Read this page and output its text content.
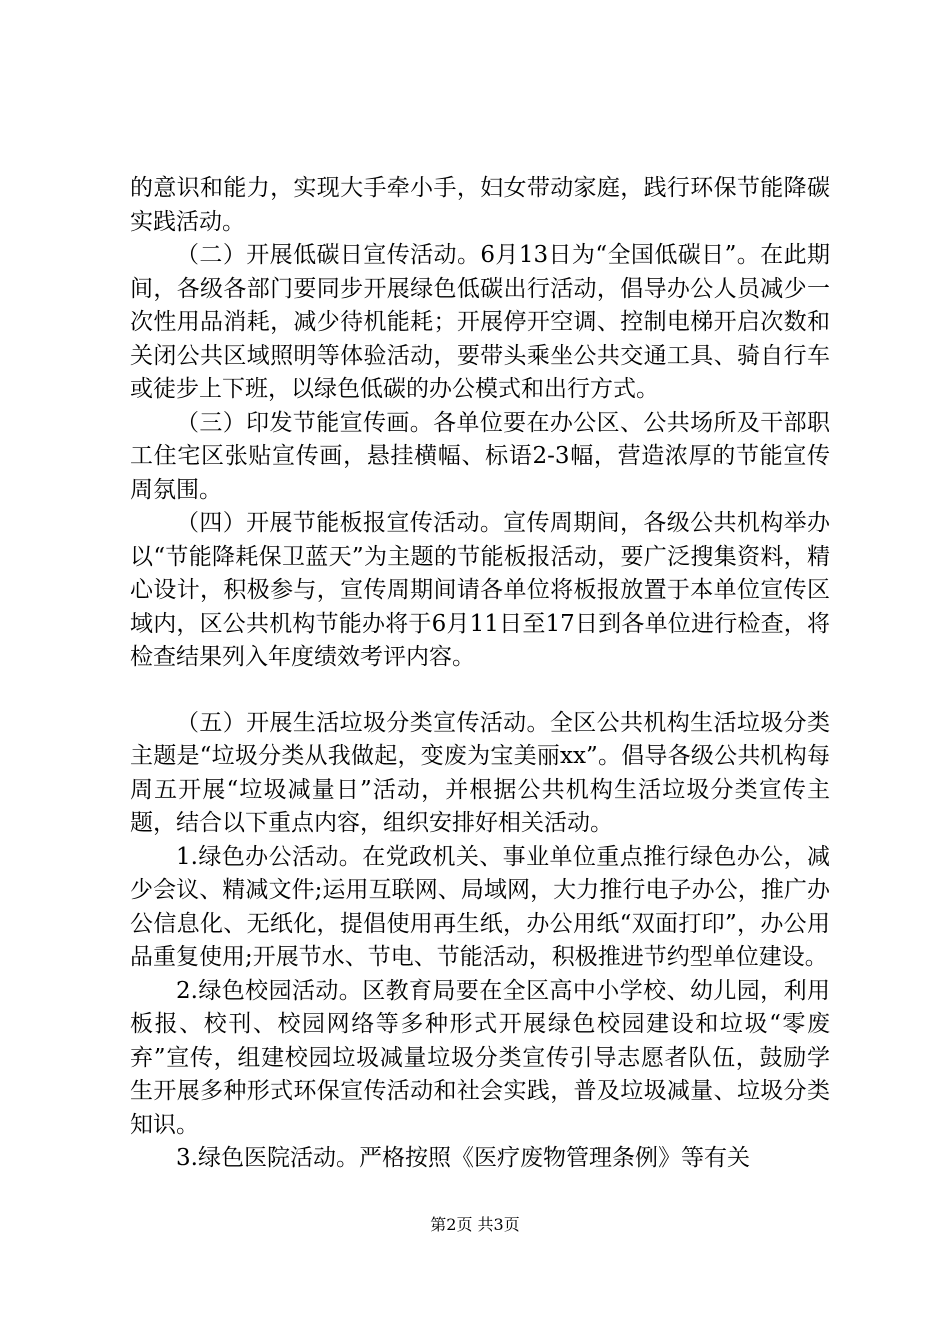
的意识和能力，实现大手牵小手，妇女带动家庭，践行环保节能降碳实践活动。

（二）开展低碳日宣传活动。6月13日为“全国低碳日”。在此期间，各级各部门要同步开展绿色低碳出行活动，倡导办公人员减少一次性用品消耗，减少待机能耗；开展停开空调、控制电梯开启次数和关闭公共区域照明等体验活动，要带头乘坐公共交通工具、骑自行车或徒步上下班，以绿色低碳的办公模式和出行方式。

（三）印发节能宣传画。各单位要在办公区、公共场所及干部职工住宅区张贴宣传画，悬挂横幅、标语2-3幅，营造浓厚的节能宣传周氛围。

（四）开展节能板报宣传活动。宣传周期间，各级公共机构举办以“节能降耗保卫蓝天”为主题的节能板报活动，要广泛搜集资料，精心设计，积极参与，宣传周期间请各单位将板报放置于本单位宣传区域内，区公共机构节能办将于6月11日至17日到各单位进行检查，将检查结果列入年度绩效考评内容。

（五）开展生活垃圾分类宣传活动。全区公共机构生活垃圾分类主题是“垃圾分类从我做起，变废为宝美丽xx”。倡导各级公共机构每周五开展“垃圾减量日”活动，并根据公共机构生活垃圾分类宣传主题，结合以下重点内容，组织安排好相关活动。

1.绿色办公活动。在党政机关、事业单位重点推行绿色办公，减少会议、精减文件;运用互联网、局域网，大力推行电子办公，推广办公信息化、无纸化，提倡使用再生纸，办公用纸“双面打印”，办公用品重复使用;开展节水、节电、节能活动，积极推进节约型单位建设。

2.绿色校园活动。区教育局要在全区高中小学校、幼儿园，利用板报、校刊、校园网络等多种形式开展绿色校园建设和垃圾“零废弃”宣传，组建校园垃圾减量垃圾分类宣传引导志愿者队伍，鼓励学生开展多种形式环保宣传活动和社会实践，普及垃圾减量、垃圾分类知识。

3.绿色医院活动。严格按照《医疗废物管理条例》等有关

第2页 共3页
